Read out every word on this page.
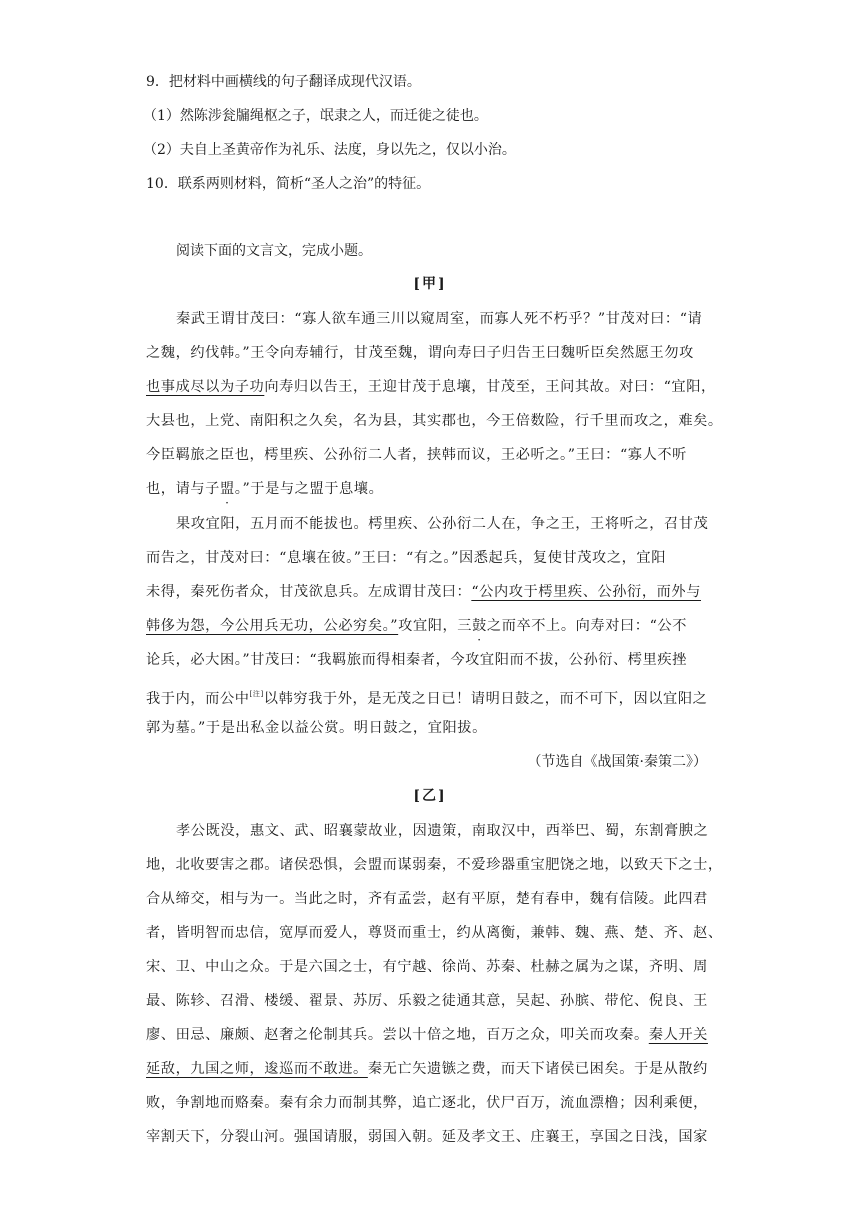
9．把材料中画横线的句子翻译成现代汉语。
（1）然陈涉瓮牖绳枢之子，氓隶之人，而迁徙之徒也。
（2）夫自上圣黄帝作为礼乐、法度，身以先之，仅以小治。
10．联系两则材料，简析“圣人之治”的特征。
阅读下面的文言文，完成小题。
[甲]
秦武王谓甘茂曰：“寡人欲车通三川以窥周室，而寡人死不朽乎？”甘茂对曰：“请
之魏，约伐韩。”王令向寿辅行，甘茂至魏，谓向寿曰子归告王曰魏听臣矣然愿王勿攻
也事成尽以为子功向寿归以告王，王迎甘茂于息壤，甘茂至，王问其故。对曰：“宜阳，
大县也，上党、南阳积之久矣，名为县，其实郡也，今王倍数险，行千里而攻之，难矣。
今臣羁旅之臣也，樗里疾、公孙衍二人者，挟韩而议，王必听之。”王曰：“寡人不听
也，请与子盟。”于是与之盟于息壤。
果攻宜阳，五月而不能拔也。樗里疾、公孙衍二人在，争之王，王将听之，召甘茂
而告之，甘茂对曰：“息壤在彼。”王曰：“有之。”因悉起兵，复使甘茂攻之，宜阳
未得，秦死伤者众，甘茂欲息兵。左成谓甘茂曰：“公内攻于樗里疾、公孙衍，而外与
韩侈为怨，今公用兵无功，公必穷矣。”攻宜阳，三鼓之而卒不上。向寿对曰：“公不
论兵，必大困。”甘茂曰：“我羁旅而得相秦者，今攻宜阳而不拔，公孙衍、樗里疾挫
我于内，而公中[注]以韩穷我于外，是无茂之日已！请明日鼓之，而不可下，因以宜阳之
郭为墓。”于是出私金以益公赏。明日鼓之，宜阳拔。
（节选自《战国策·秦策二》）
[乙]
孝公既没，惠文、武、昭襄蒙故业，因遗策，南取汉中，西举巴、蜀，东割膏腴之
地，北收要害之郡。诸侯恐惧，会盟而谋弱秦，不爱珍器重宝肥饶之地，以致天下之士，
合从缔交，相与为一。当此之时，齐有孟尝，赵有平原，楚有春申，魏有信陵。此四君
者，皆明智而忠信，宽厚而爱人，尊贤而重士，约从离衡，兼韩、魏、燕、楚、齐、赵、
宋、卫、中山之众。于是六国之士，有宁越、徐尚、苏秦、杜赫之属为之谋，齐明、周
最、陈轸、召滑、楼缓、翟景、苏厉、乐毅之徒通其意，吴起、孙膑、带佗、倪良、王
廖、田忌、廉颇、赵奢之伦制其兵。尝以十倍之地，百万之众，叩关而攻秦。秦人开关
延敌，九国之师，逡巡而不敢进。秦无亡矢遗镞之费，而天下诸侯已困矣。于是从散约
败，争割地而赂秦。秦有余力而制其弊，追亡逐北，伏尸百万，流血漂橹；因利乘便，
宰割天下，分裂山河。强国请服，弱国入朝。延及孝文王、庄襄王，享国之日浅，国家
